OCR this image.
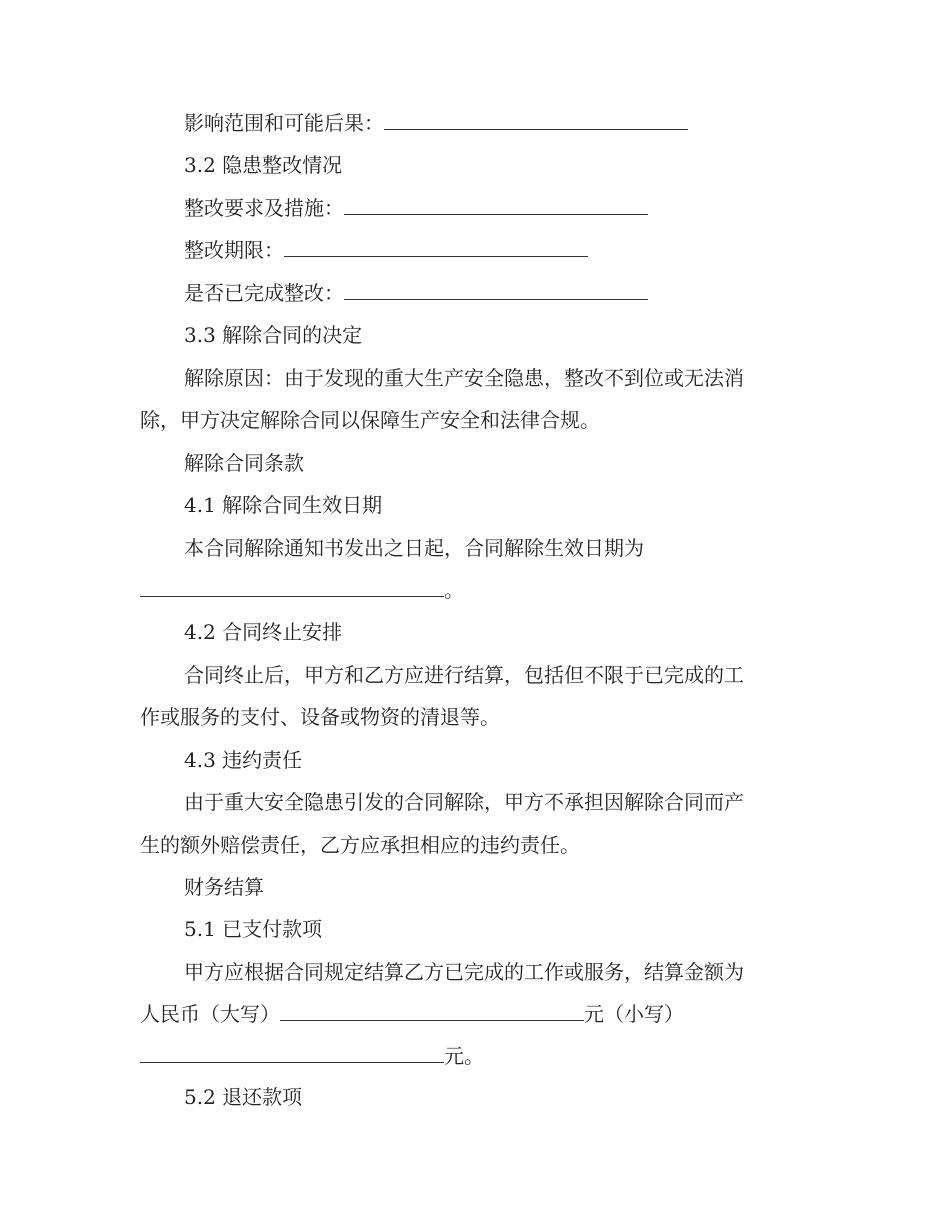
影响范围和可能后果：
3.2 隐患整改情况
整改要求及措施：
整改期限：
是否已完成整改：
3.3 解除合同的决定
解除原因：由于发现的重大生产安全隐患，整改不到位或无法消
除，甲方决定解除合同以保障生产安全和法律合规。
解除合同条款
4.1 解除合同生效日期
本合同解除通知书发出之日起，合同解除生效日期为
。
4.2 合同终止安排
合同终止后，甲方和乙方应进行结算，包括但不限于已完成的工
作或服务的支付、设备或物资的清退等。
4.3 违约责任
由于重大安全隐患引发的合同解除，甲方不承担因解除合同而产
生的额外赔偿责任，乙方应承担相应的违约责任。
财务结算
5.1 已支付款项
甲方应根据合同规定结算乙方已完成的工作或服务，结算金额为
人民币（大写）	元（小写）
元。
5.2 退还款项
